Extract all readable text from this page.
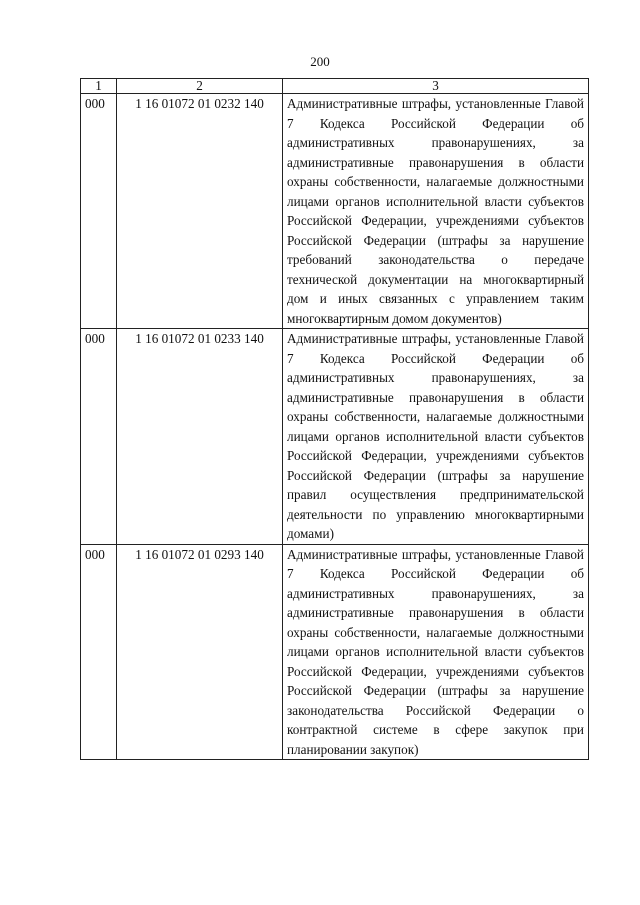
200
1	2	3
000	1 16 01072 01 0232 140	Административные штрафы, установленные Главой 7 Кодекса Российской Федерации об административных правонарушениях, за административные правонарушения в области охраны собственности, налагаемые должностными лицами органов исполнительной власти субъектов Российской Федерации, учреждениями субъектов Российской Федерации (штрафы за нарушение требований законодательства о передаче технической документации на многоквартирный дом и иных связанных с управлением таким многоквартирным домом документов)
000	1 16 01072 01 0233 140	Административные штрафы, установленные Главой 7 Кодекса Российской Федерации об административных правонарушениях, за административные правонарушения в области охраны собственности, налагаемые должностными лицами органов исполнительной власти субъектов Российской Федерации, учреждениями субъектов Российской Федерации (штрафы за нарушение правил осуществления предпринимательской деятельности по управлению многоквартирными домами)
000	1 16 01072 01 0293 140	Административные штрафы, установленные Главой 7 Кодекса Российской Федерации об административных правонарушениях, за административные правонарушения в области охраны собственности, налагаемые должностными лицами органов исполнительной власти субъектов Российской Федерации, учреждениями субъектов Российской Федерации (штрафы за нарушение законодательства Российской Федерации о контрактной системе в сфере закупок при планировании закупок)
